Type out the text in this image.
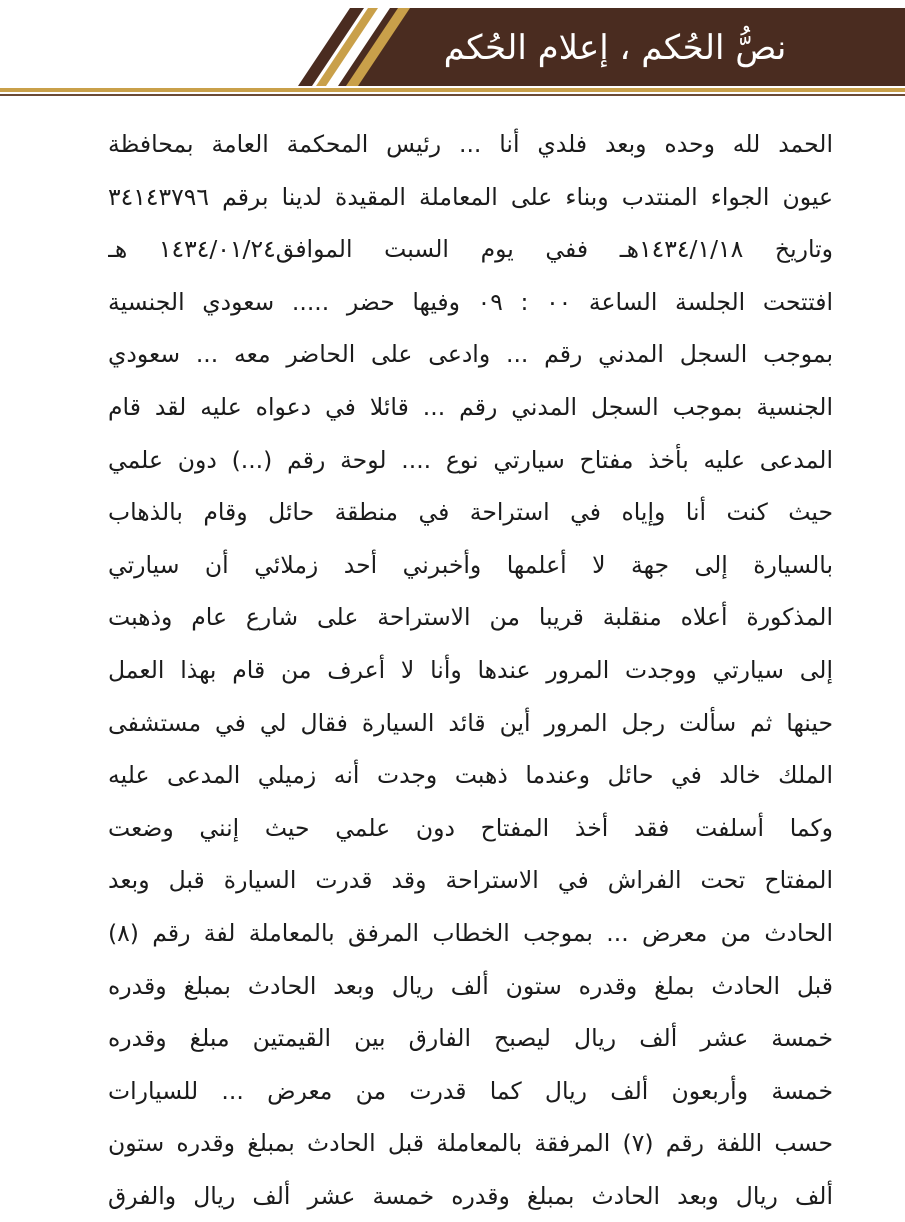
نصُّ الحُكم ، إعلام الحُكم
الحمد لله وحده وبعد فلدي أنا ... رئيس المحكمة العامة بمحافظة
عيون الجواء المنتدب وبناء على المعاملة المقيدة لدينا برقم ٣٤١٤٣٧٩٦
وتاريخ ١٤٣٤/١/١٨هـ ففي يوم السبت الموافق١٤٣٤/٠١/٢٤ هـ
افتتحت الجلسة الساعة ٠٠ : ٠٩ وفيها حضر ..... سعودي الجنسية
بموجب السجل المدني رقم ... وادعى على الحاضر معه ... سعودي
الجنسية بموجب السجل المدني رقم ... قائلا في دعواه عليه لقد قام
المدعى عليه بأخذ مفتاح سيارتي نوع .... لوحة رقم (...) دون علمي
حيث كنت أنا وإياه في استراحة في منطقة حائل وقام بالذهاب
بالسيارة إلى جهة لا أعلمها وأخبرني أحد زملائي أن سيارتي
المذكورة أعلاه منقلبة قريبا من الاستراحة على شارع عام وذهبت
إلى سيارتي ووجدت المرور عندها وأنا لا أعرف من قام بهذا العمل
حينها ثم سألت رجل المرور أين قائد السيارة فقال لي في مستشفى
الملك خالد في حائل وعندما ذهبت وجدت أنه زميلي المدعى عليه
وكما أسلفت فقد أخذ المفتاح دون علمي حيث إنني وضعت
المفتاح تحت الفراش في الاستراحة وقد قدرت السيارة قبل وبعد
الحادث من معرض ... بموجب الخطاب المرفق بالمعاملة لفة رقم (٨)
قبل الحادث بملغ وقدره ستون ألف ريال وبعد الحادث بمبلغ وقدره
خمسة عشر ألف ريال ليصبح الفارق بين القيمتين مبلغ وقدره
خمسة وأربعون ألف ريال كما قدرت من معرض ... للسيارات
حسب اللفة رقم (٧) المرفقة بالمعاملة قبل الحادث بمبلغ وقدره ستون
ألف ريال وبعد الحادث بمبلغ وقدره خمسة عشر ألف ريال والفرق
